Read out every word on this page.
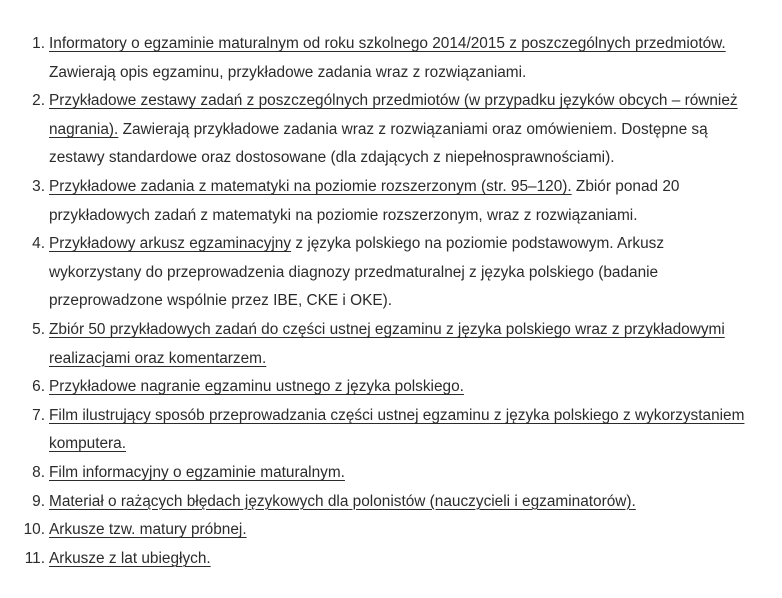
1. Informatory o egzaminie maturalnym od roku szkolnego 2014/2015 z poszczególnych przedmiotów. Zawierają opis egzaminu, przykładowe zadania wraz z rozwiązaniami.
2. Przykładowe zestawy zadań z poszczególnych przedmiotów (w przypadku języków obcych – również nagrania). Zawierają przykładowe zadania wraz z rozwiązaniami oraz omówieniem. Dostępne są zestawy standardowe oraz dostosowane (dla zdających z niepełnosprawnościami).
3. Przykładowe zadania z matematyki na poziomie rozszerzonym (str. 95–120). Zbiór ponad 20 przykładowych zadań z matematyki na poziomie rozszerzonym, wraz z rozwiązaniami.
4. Przykładowy arkusz egzaminacyjny z języka polskiego na poziomie podstawowym. Arkusz wykorzystany do przeprowadzenia diagnozy przedmaturalnej z języka polskiego (badanie przeprowadzone wspólnie przez IBE, CKE i OKE).
5. Zbiór 50 przykładowych zadań do części ustnej egzaminu z języka polskiego wraz z przykładowymi realizacjami oraz komentarzem.
6. Przykładowe nagranie egzaminu ustnego z języka polskiego.
7. Film ilustrujący sposób przeprowadzania części ustnej egzaminu z języka polskiego z wykorzystaniem komputera.
8. Film informacyjny o egzaminie maturalnym.
9. Materiał o rażących błędach językowych dla polonistów (nauczycieli i egzaminatorów).
10. Arkusze tzw. matury próbnej.
11. Arkusze z lat ubiegłych.
